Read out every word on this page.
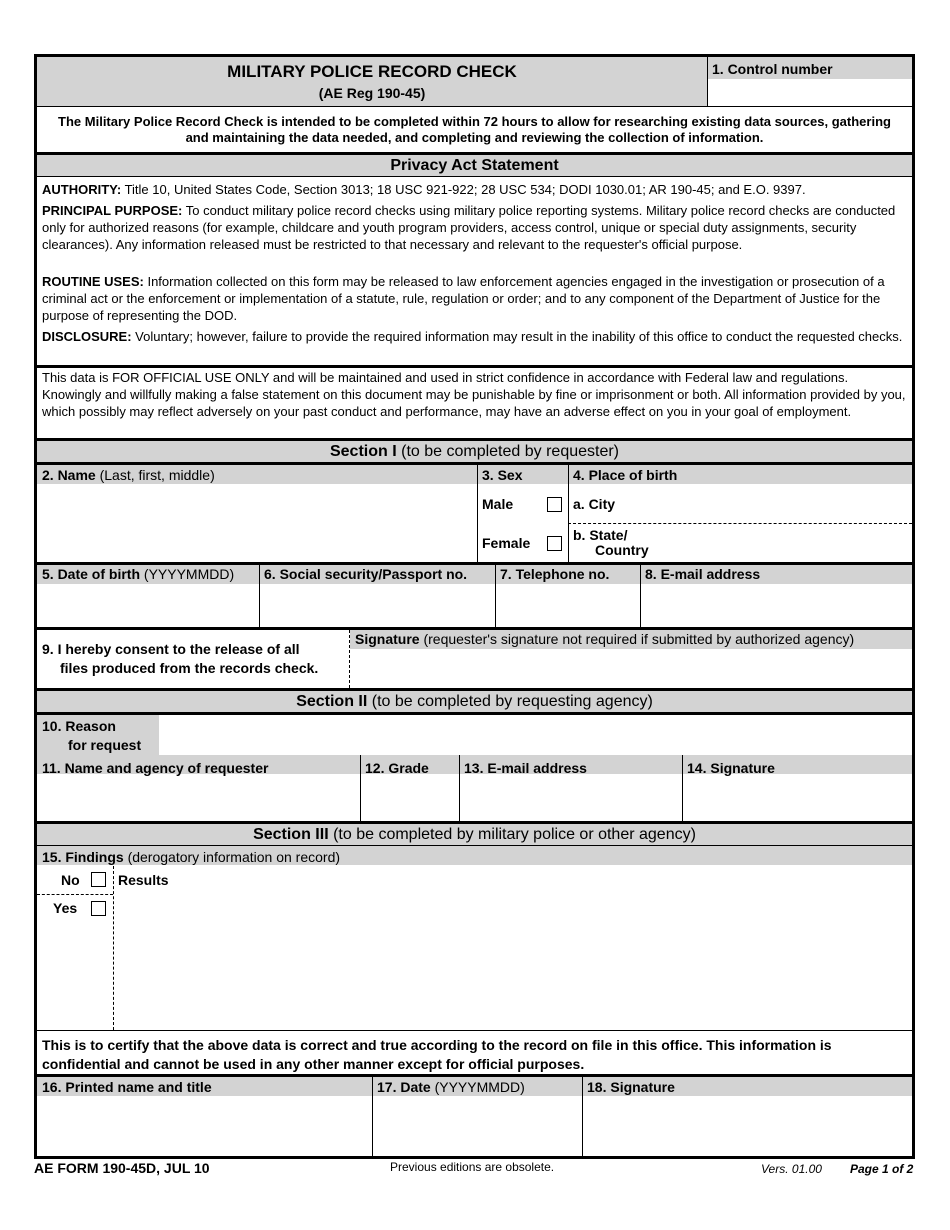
MILITARY POLICE RECORD CHECK
(AE Reg 190-45)
1. Control number
The Military Police Record Check is intended to be completed within 72 hours to allow for researching existing data sources, gathering and maintaining the data needed, and completing and reviewing the collection of information.
Privacy Act Statement
AUTHORITY: Title 10, United States Code, Section 3013; 18 USC 921-922; 28 USC 534; DODI 1030.01; AR 190-45; and E.O. 9397.
PRINCIPAL PURPOSE: To conduct military police record checks using military police reporting systems. Military police record checks are conducted only for authorized reasons (for example, childcare and youth program providers, access control, unique or special duty assignments, security clearances). Any information released must be restricted to that necessary and relevant to the requester's official purpose.
ROUTINE USES: Information collected on this form may be released to law enforcement agencies engaged in the investigation or prosecution of a criminal act or the enforcement or implementation of a statute, rule, regulation or order; and to any component of the Department of Justice for the purpose of representing the DOD.
DISCLOSURE: Voluntary; however, failure to provide the required information may result in the inability of this office to conduct the requested checks.
This data is FOR OFFICIAL USE ONLY and will be maintained and used in strict confidence in accordance with Federal law and regulations. Knowingly and willfully making a false statement on this document may be punishable by fine or imprisonment or both. All information provided by you, which possibly may reflect adversely on your past conduct and performance, may have an adverse effect on you in your goal of employment.
Section I (to be completed by requester)
2. Name (Last, first, middle)	3. Sex	4. Place of birth
Male
Female
a. City
b. State/
Country
5. Date of birth (YYYYMMDD) 6. Social security/Passport no. 7. Telephone no.	8. E-mail address
9. I hereby consent to the release of all
files produced from the records check.
Signature (requester's signature not required if submitted by authorized agency)
Section II (to be completed by requesting agency)
10. Reason
for request
11. Name and agency of requester	12. Grade	13. E-mail address	14. Signature
Section III (to be completed by military police or other agency)
15. Findings (derogatory information on record)
No
Yes
Results
This is to certify that the above data is correct and true according to the record on file in this office. This information is confidential and cannot be used in any other manner except for official purposes.
16. Printed name and title	17. Date (YYYYMMDD)	18. Signature
AE FORM 190-45D, JUL 10	Previous editions are obsolete.	Vers. 01.00 Page 1 of 2
